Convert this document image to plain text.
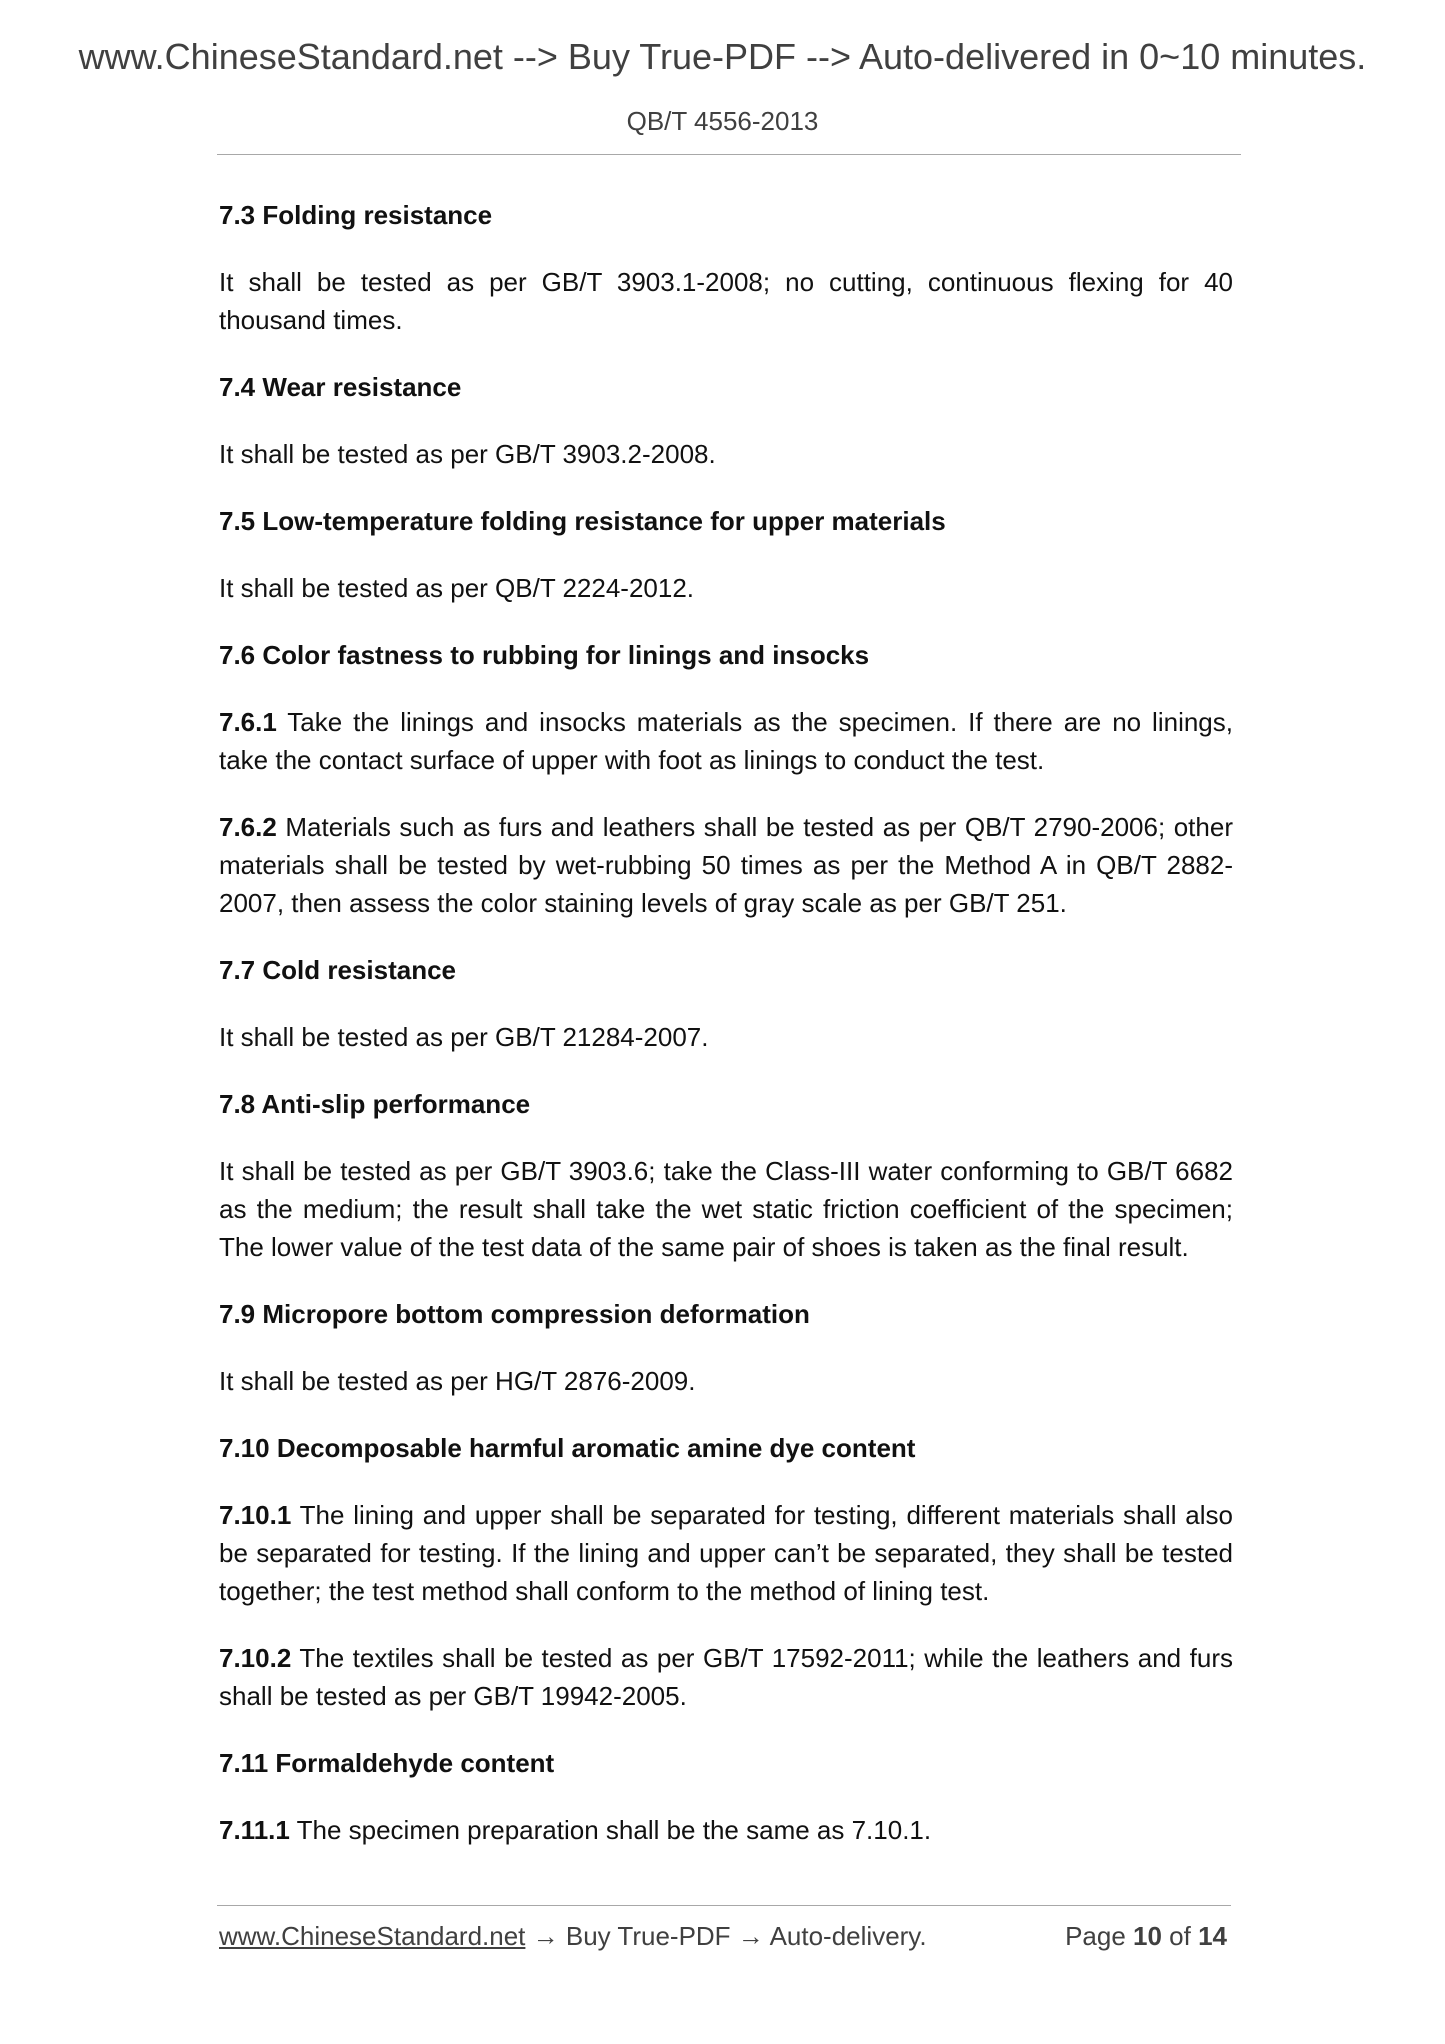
www.ChineseStandard.net --> Buy True-PDF --> Auto-delivered in 0~10 minutes.
QB/T 4556-2013
7.3 Folding resistance

It shall be tested as per GB/T 3903.1-2008; no cutting, continuous flexing for 40 thousand times.

7.4 Wear resistance

It shall be tested as per GB/T 3903.2-2008.

7.5 Low-temperature folding resistance for upper materials

It shall be tested as per QB/T 2224-2012.

7.6 Color fastness to rubbing for linings and insocks

7.6.1 Take the linings and insocks materials as the specimen. If there are no linings, take the contact surface of upper with foot as linings to conduct the test.

7.6.2 Materials such as furs and leathers shall be tested as per QB/T 2790-2006; other materials shall be tested by wet-rubbing 50 times as per the Method A in QB/T 2882-2007, then assess the color staining levels of gray scale as per GB/T 251.

7.7 Cold resistance

It shall be tested as per GB/T 21284-2007.

7.8 Anti-slip performance

It shall be tested as per GB/T 3903.6; take the Class-III water conforming to GB/T 6682 as the medium; the result shall take the wet static friction coefficient of the specimen; The lower value of the test data of the same pair of shoes is taken as the final result.

7.9 Micropore bottom compression deformation

It shall be tested as per HG/T 2876-2009.

7.10 Decomposable harmful aromatic amine dye content

7.10.1 The lining and upper shall be separated for testing, different materials shall also be separated for testing. If the lining and upper can’t be separated, they shall be tested together; the test method shall conform to the method of lining test.

7.10.2 The textiles shall be tested as per GB/T 17592-2011; while the leathers and furs shall be tested as per GB/T 19942-2005.

7.11 Formaldehyde content

7.11.1 The specimen preparation shall be the same as 7.10.1.

www.ChineseStandard.net → Buy True-PDF → Auto-delivery.	Page 10 of 14
